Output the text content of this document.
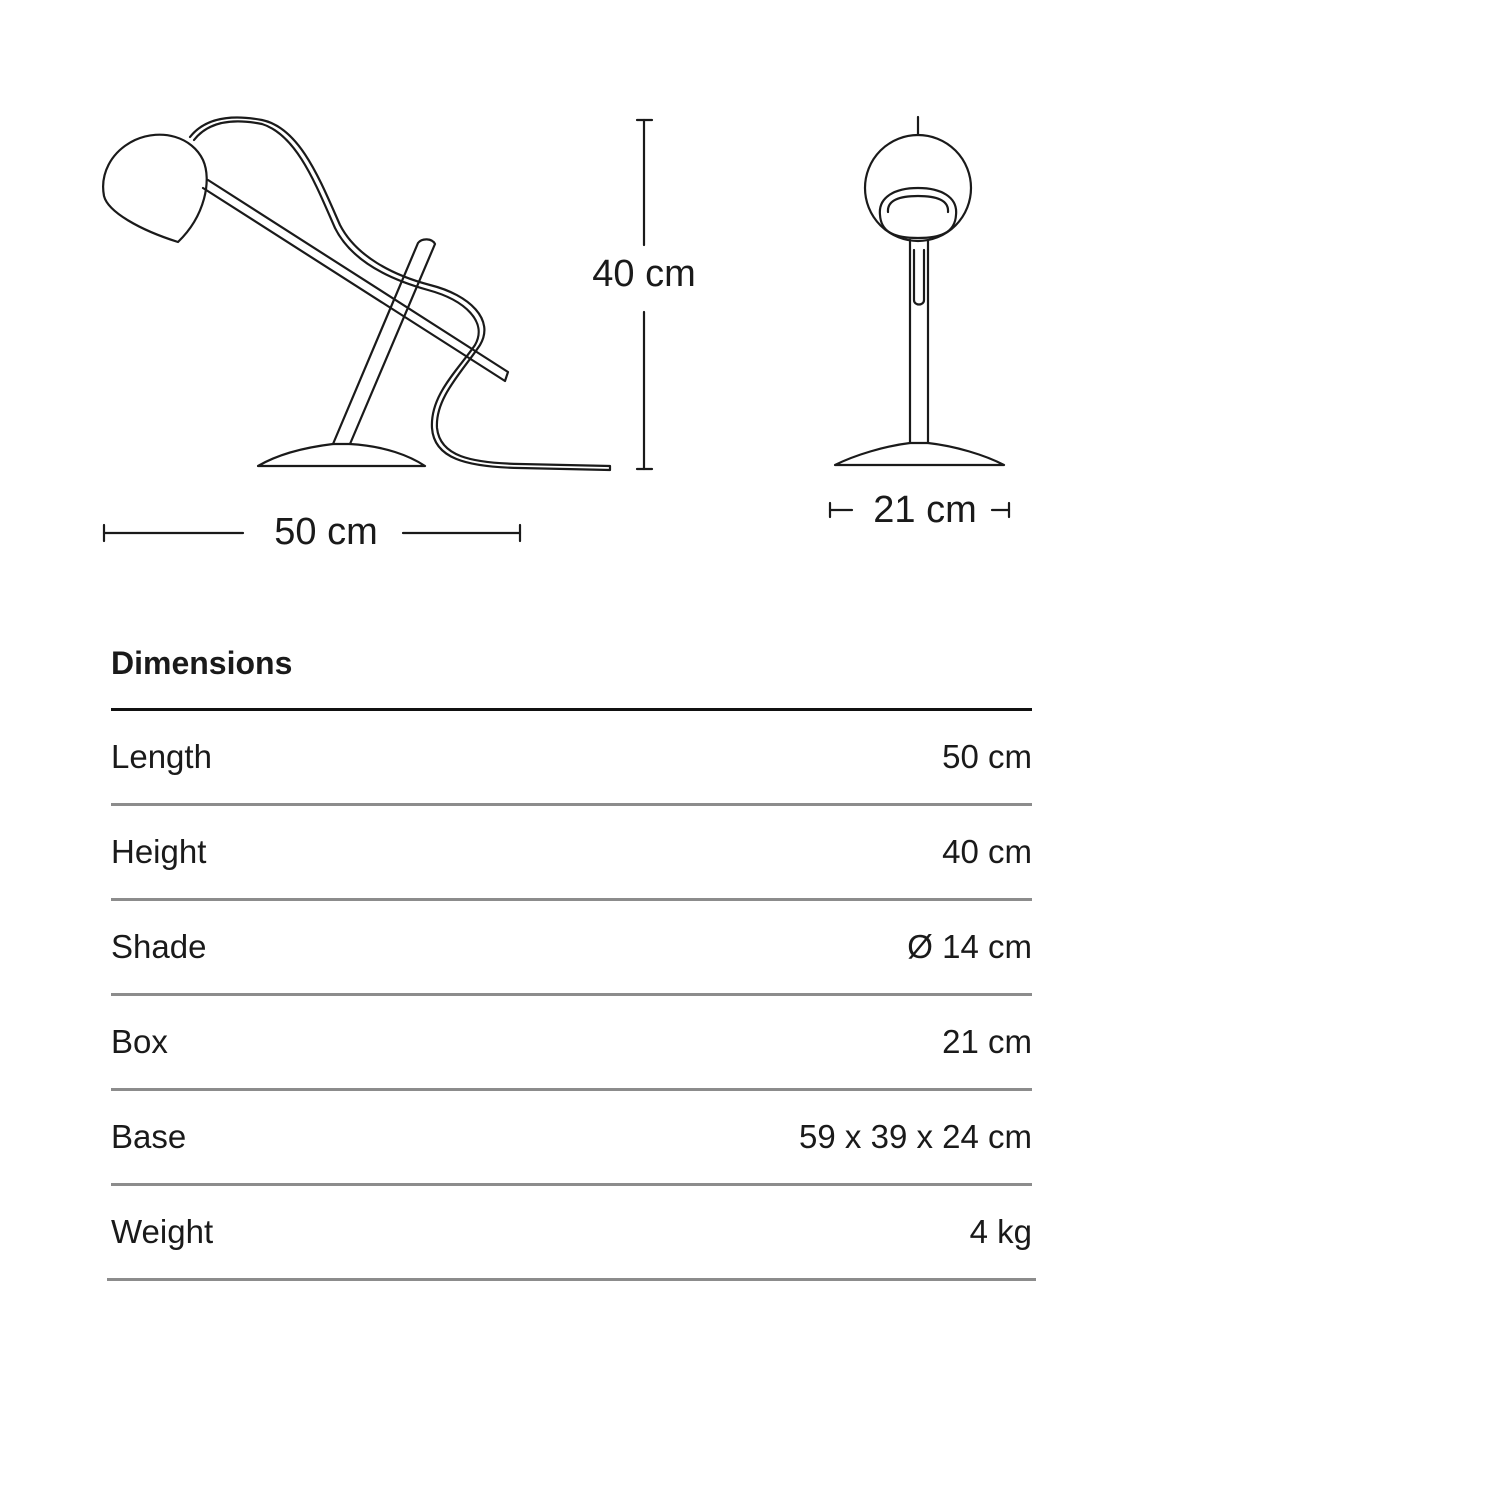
50 cm
40 cm
21 cm
Dimensions
Length	50 cm
Height	40 cm
Shade	Ø 14 cm
Box	21 cm
Base	59 x 39 x 24 cm
Weight	4 kg
